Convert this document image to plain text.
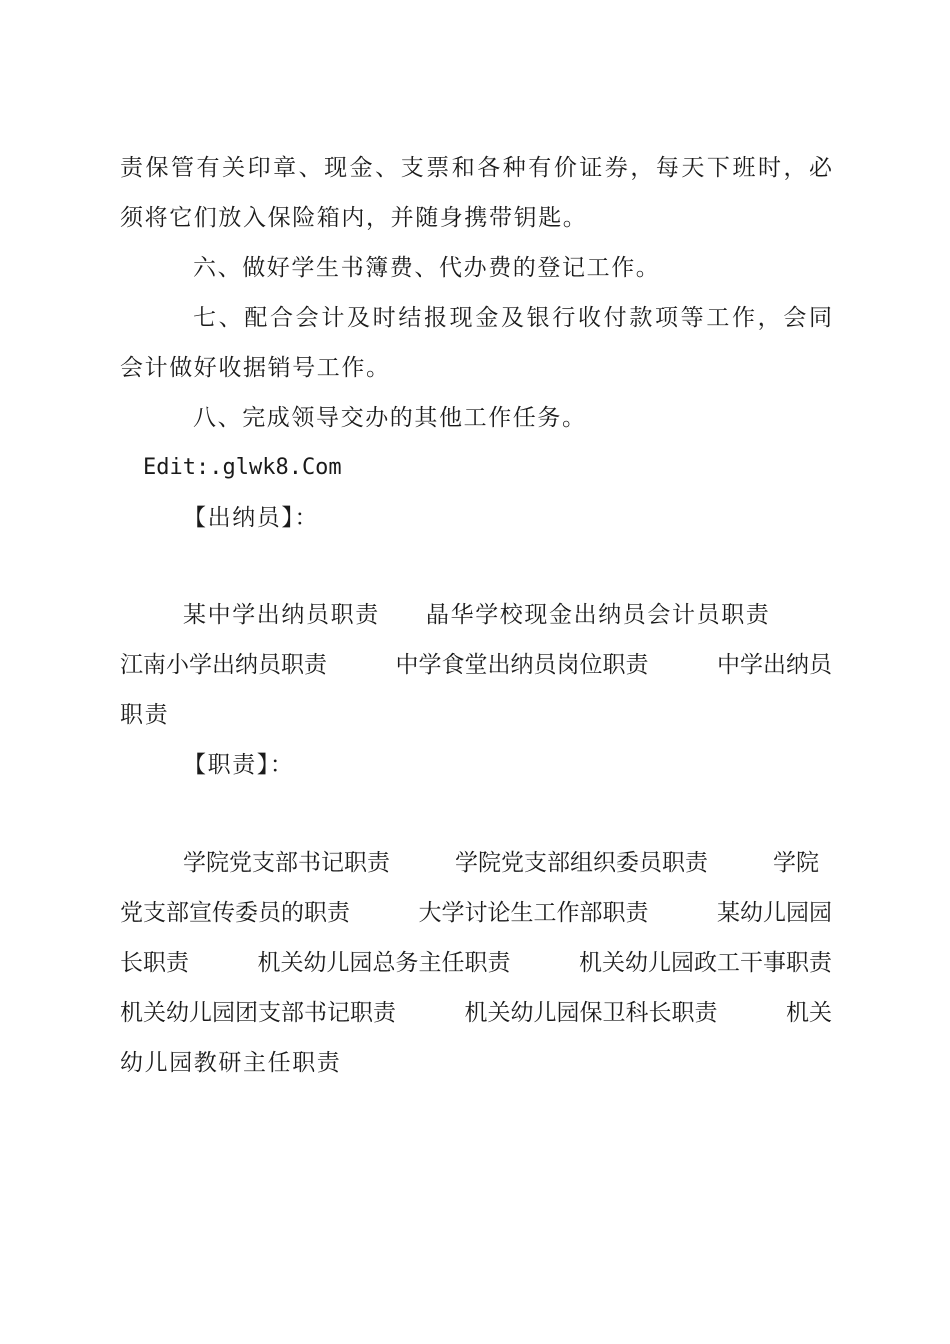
责保管有关印章、现金、支票和各种有价证券，每天下班时，必
须将它们放入保险箱内，并随身携带钥匙。
六、做好学生书簿费、代办费的登记工作。
七、配合会计及时结报现金及银行收付款项等工作，会同
会计做好收据销号工作。
八、完成领导交办的其他工作任务。
Edit:.glwk8.Com
【出纳员】：
某中学出纳员职责 晶华学校现金出纳员会计员职责
江南小学出纳员职责	中学食堂出纳员岗位职责	中学出纳员
职责
【职责】：
学院党支部书记职责	学院党支部组织委员职责	学院
党支部宣传委员的职责	大学讨论生工作部职责	某幼儿园园
长职责	机关幼儿园总务主任职责	机关幼儿园政工干事职责
机关幼儿园团支部书记职责	机关幼儿园保卫科长职责	机关
幼儿园教研主任职责
